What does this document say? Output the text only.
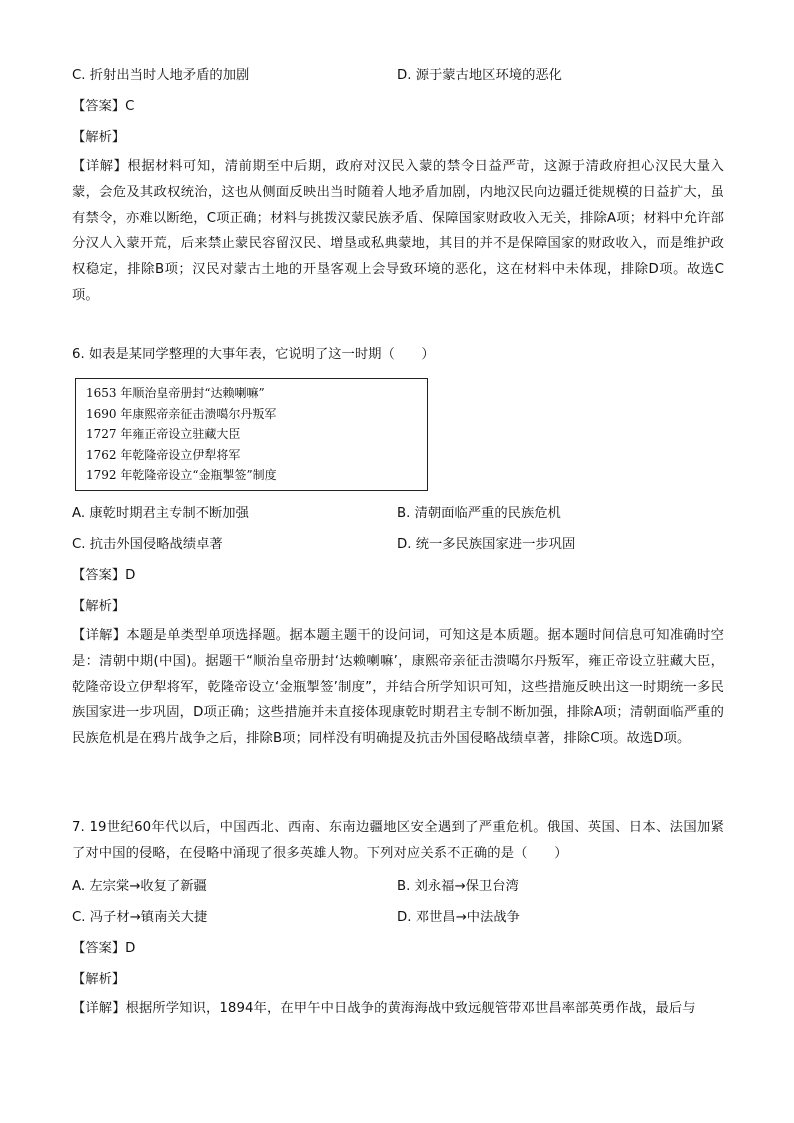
C. 折射出当时人地矛盾的加剧	D. 源于蒙古地区环境的恶化
【答案】C
【解析】
【详解】根据材料可知，清前期至中后期，政府对汉民入蒙的禁令日益严苛，这源于清政府担心汉民大量入蒙，会危及其政权统治，这也从侧面反映出当时随着人地矛盾加剧，内地汉民向边疆迁徙规模的日益扩大，虽有禁令，亦难以断绝，C项正确；材料与挑拨汉蒙民族矛盾、保障国家财政收入无关，排除A项；材料中允许部分汉人入蒙开荒，后来禁止蒙民容留汉民、增垦或私典蒙地，其目的并不是保障国家的财政收入，而是维护政权稳定，排除B项；汉民对蒙古土地的开垦客观上会导致环境的恶化，这在材料中未体现，排除D项。故选C项。
6. 如表是某同学整理的大事年表，它说明了这一时期（　　）
1653 年顺治皇帝册封“达赖喇嘛”
1690 年康熙帝亲征击溃噶尔丹叛军
1727 年雍正帝设立驻藏大臣
1762 年乾隆帝设立伊犁将军
1792 年乾隆帝设立“金瓶掣签”制度
A. 康乾时期君主专制不断加强	B. 清朝面临严重的民族危机
C. 抗击外国侵略战绩卓著	D. 统一多民族国家进一步巩固
【答案】D
【解析】
【详解】本题是单类型单项选择题。据本题主题干的设问词，可知这是本质题。据本题时间信息可知准确时空是：清朝中期(中国)。据题干“顺治皇帝册封‘达赖喇嘛’，康熙帝亲征击溃噶尔丹叛军，雍正帝设立驻藏大臣，乾隆帝设立伊犁将军，乾隆帝设立‘金瓶掣签’制度”，并结合所学知识可知，这些措施反映出这一时期统一多民族国家进一步巩固，D项正确；这些措施并未直接体现康乾时期君主专制不断加强，排除A项；清朝面临严重的民族危机是在鸦片战争之后，排除B项；同样没有明确提及抗击外国侵略战绩卓著，排除C项。故选D项。
7. 19世纪60年代以后，中国西北、西南、东南边疆地区安全遇到了严重危机。俄国、英国、日本、法国加紧了对中国的侵略，在侵略中涌现了很多英雄人物。下列对应关系不正确的是（　　）
A. 左宗棠→收复了新疆	B. 刘永福→保卫台湾
C. 冯子材→镇南关大捷	D. 邓世昌→中法战争
【答案】D
【解析】
【详解】根据所学知识，1894年，在甲午中日战争的黄海海战中致远舰管带邓世昌率部英勇作战，最后与
